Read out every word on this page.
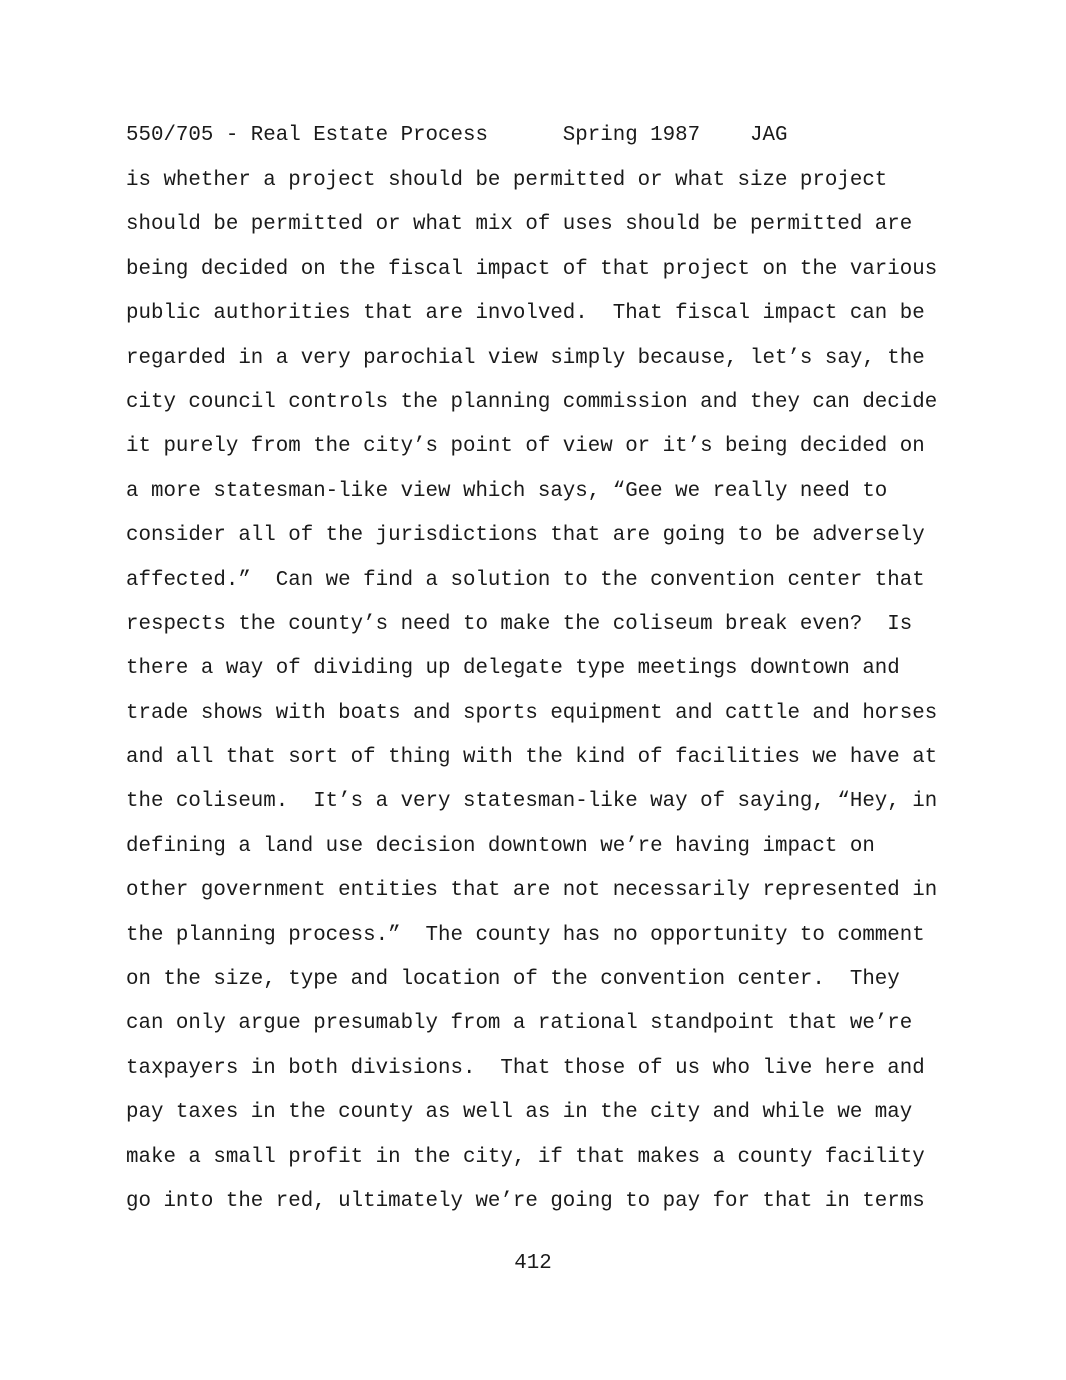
550/705 - Real Estate Process      Spring 1987    JAG
is whether a project should be permitted or what size project
should be permitted or what mix of uses should be permitted are
being decided on the fiscal impact of that project on the various
public authorities that are involved.  That fiscal impact can be
regarded in a very parochial view simply because, let’s say, the
city council controls the planning commission and they can decide
it purely from the city’s point of view or it’s being decided on
a more statesman-like view which says, “Gee we really need to
consider all of the jurisdictions that are going to be adversely
affected.”  Can we find a solution to the convention center that
respects the county’s need to make the coliseum break even?  Is
there a way of dividing up delegate type meetings downtown and
trade shows with boats and sports equipment and cattle and horses
and all that sort of thing with the kind of facilities we have at
the coliseum.  It’s a very statesman-like way of saying, “Hey, in
defining a land use decision downtown we’re having impact on
other government entities that are not necessarily represented in
the planning process.”  The county has no opportunity to comment
on the size, type and location of the convention center.  They
can only argue presumably from a rational standpoint that we’re
taxpayers in both divisions.  That those of us who live here and
pay taxes in the county as well as in the city and while we may
make a small profit in the city, if that makes a county facility
go into the red, ultimately we’re going to pay for that in terms
412
